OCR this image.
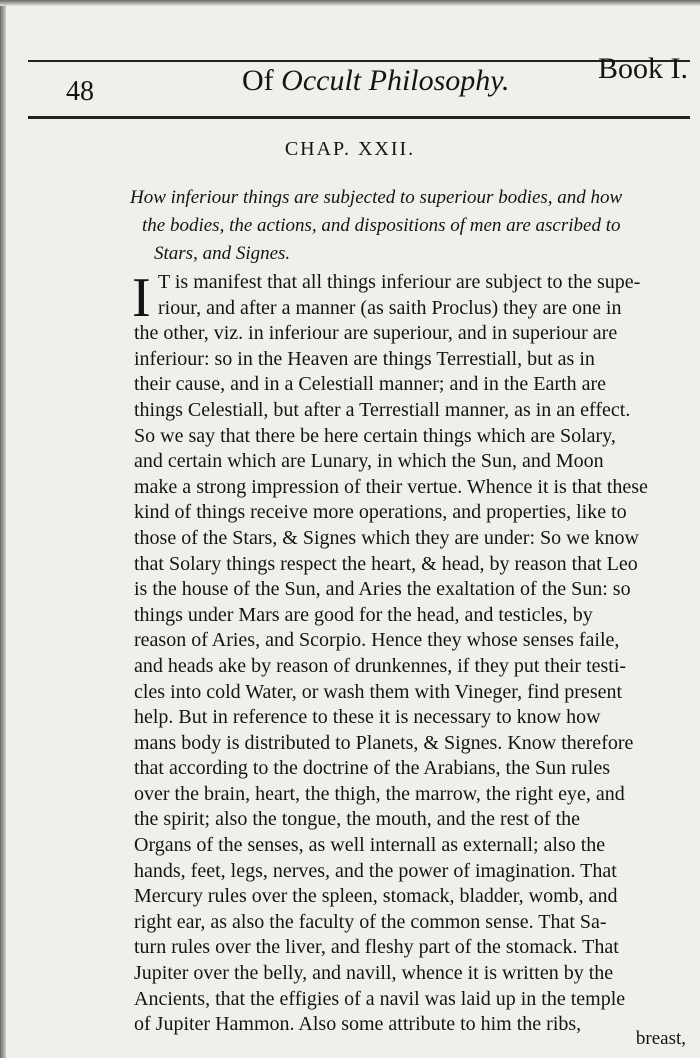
48	Of Occult Philosophy.	Book I.
CHAP. XXII.
How inferiour things are subjected to superiour bodies, and how
the bodies, the actions, and dispositions of men are ascribed to
Stars, and Signes.
I T is manifest that all things inferiour are subject to the supe-
riour, and after a manner (as saith Proclus) they are one in
the other, viz. in inferiour are superiour, and in superiour are
inferiour: so in the Heaven are things Terrestiall, but as in
their cause, and in a Celestiall manner; and in the Earth are
things Celestiall, but after a Terrestiall manner, as in an effect.
So we say that there be here certain things which are Solary,
and certain which are Lunary, in which the Sun, and Moon
make a strong impression of their vertue. Whence it is that these
kind of things receive more operations, and properties, like to
those of the Stars, & Signes which they are under: So we know
that Solary things respect the heart, & head, by reason that Leo
is the house of the Sun, and Aries the exaltation of the Sun: so
things under Mars are good for the head, and testicles, by
reason of Aries, and Scorpio. Hence they whose senses faile,
and heads ake by reason of drunkennes, if they put their testi-
cles into cold Water, or wash them with Vineger, find present
help. But in reference to these it is necessary to know how
mans body is distributed to Planets, & Signes. Know therefore
that according to the doctrine of the Arabians, the Sun rules
over the brain, heart, the thigh, the marrow, the right eye, and
the spirit; also the tongue, the mouth, and the rest of the
Organs of the senses, as well internall as externall; also the
hands, feet, legs, nerves, and the power of imagination. That
Mercury rules over the spleen, stomack, bladder, womb, and
right ear, as also the faculty of the common sense. That Sa-
turn rules over the liver, and fleshy part of the stomack. That
Jupiter over the belly, and navill, whence it is written by the
Ancients, that the effigies of a navil was laid up in the temple
of Jupiter Hammon. Also some attribute to him the ribs,
breast,
